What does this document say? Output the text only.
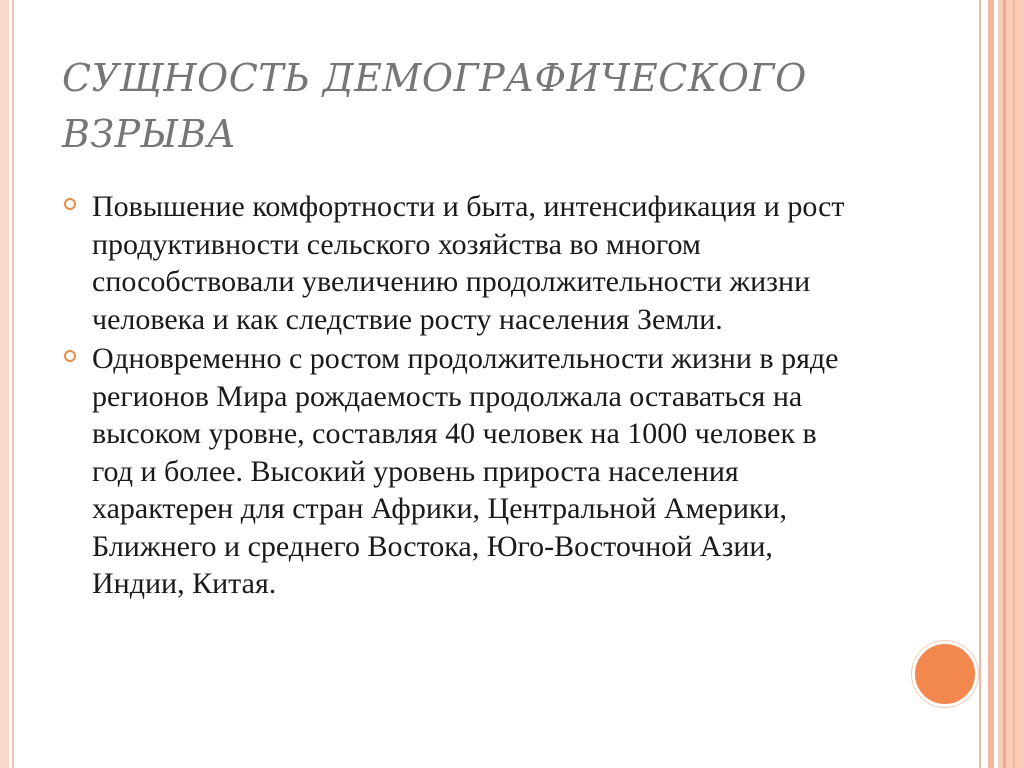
СУЩНОСТЬ ДЕМОГРАФИЧЕСКОГО ВЗРЫВА

Повышение комфортности и быта, интенсификация и рост продуктивности сельского хозяйства во многом способствовали увеличению продолжительности жизни человека и как следствие росту населения Земли.

Одновременно с ростом продолжительности жизни в ряде регионов Мира рождаемость продолжала оставаться на высоком уровне, составляя 40 человек на 1000 человек в год и более. Высокий уровень прироста населения характерен для стран Африки, Центральной Америки, Ближнего и среднего Востока, Юго-Восточной Азии, Индии, Китая.
